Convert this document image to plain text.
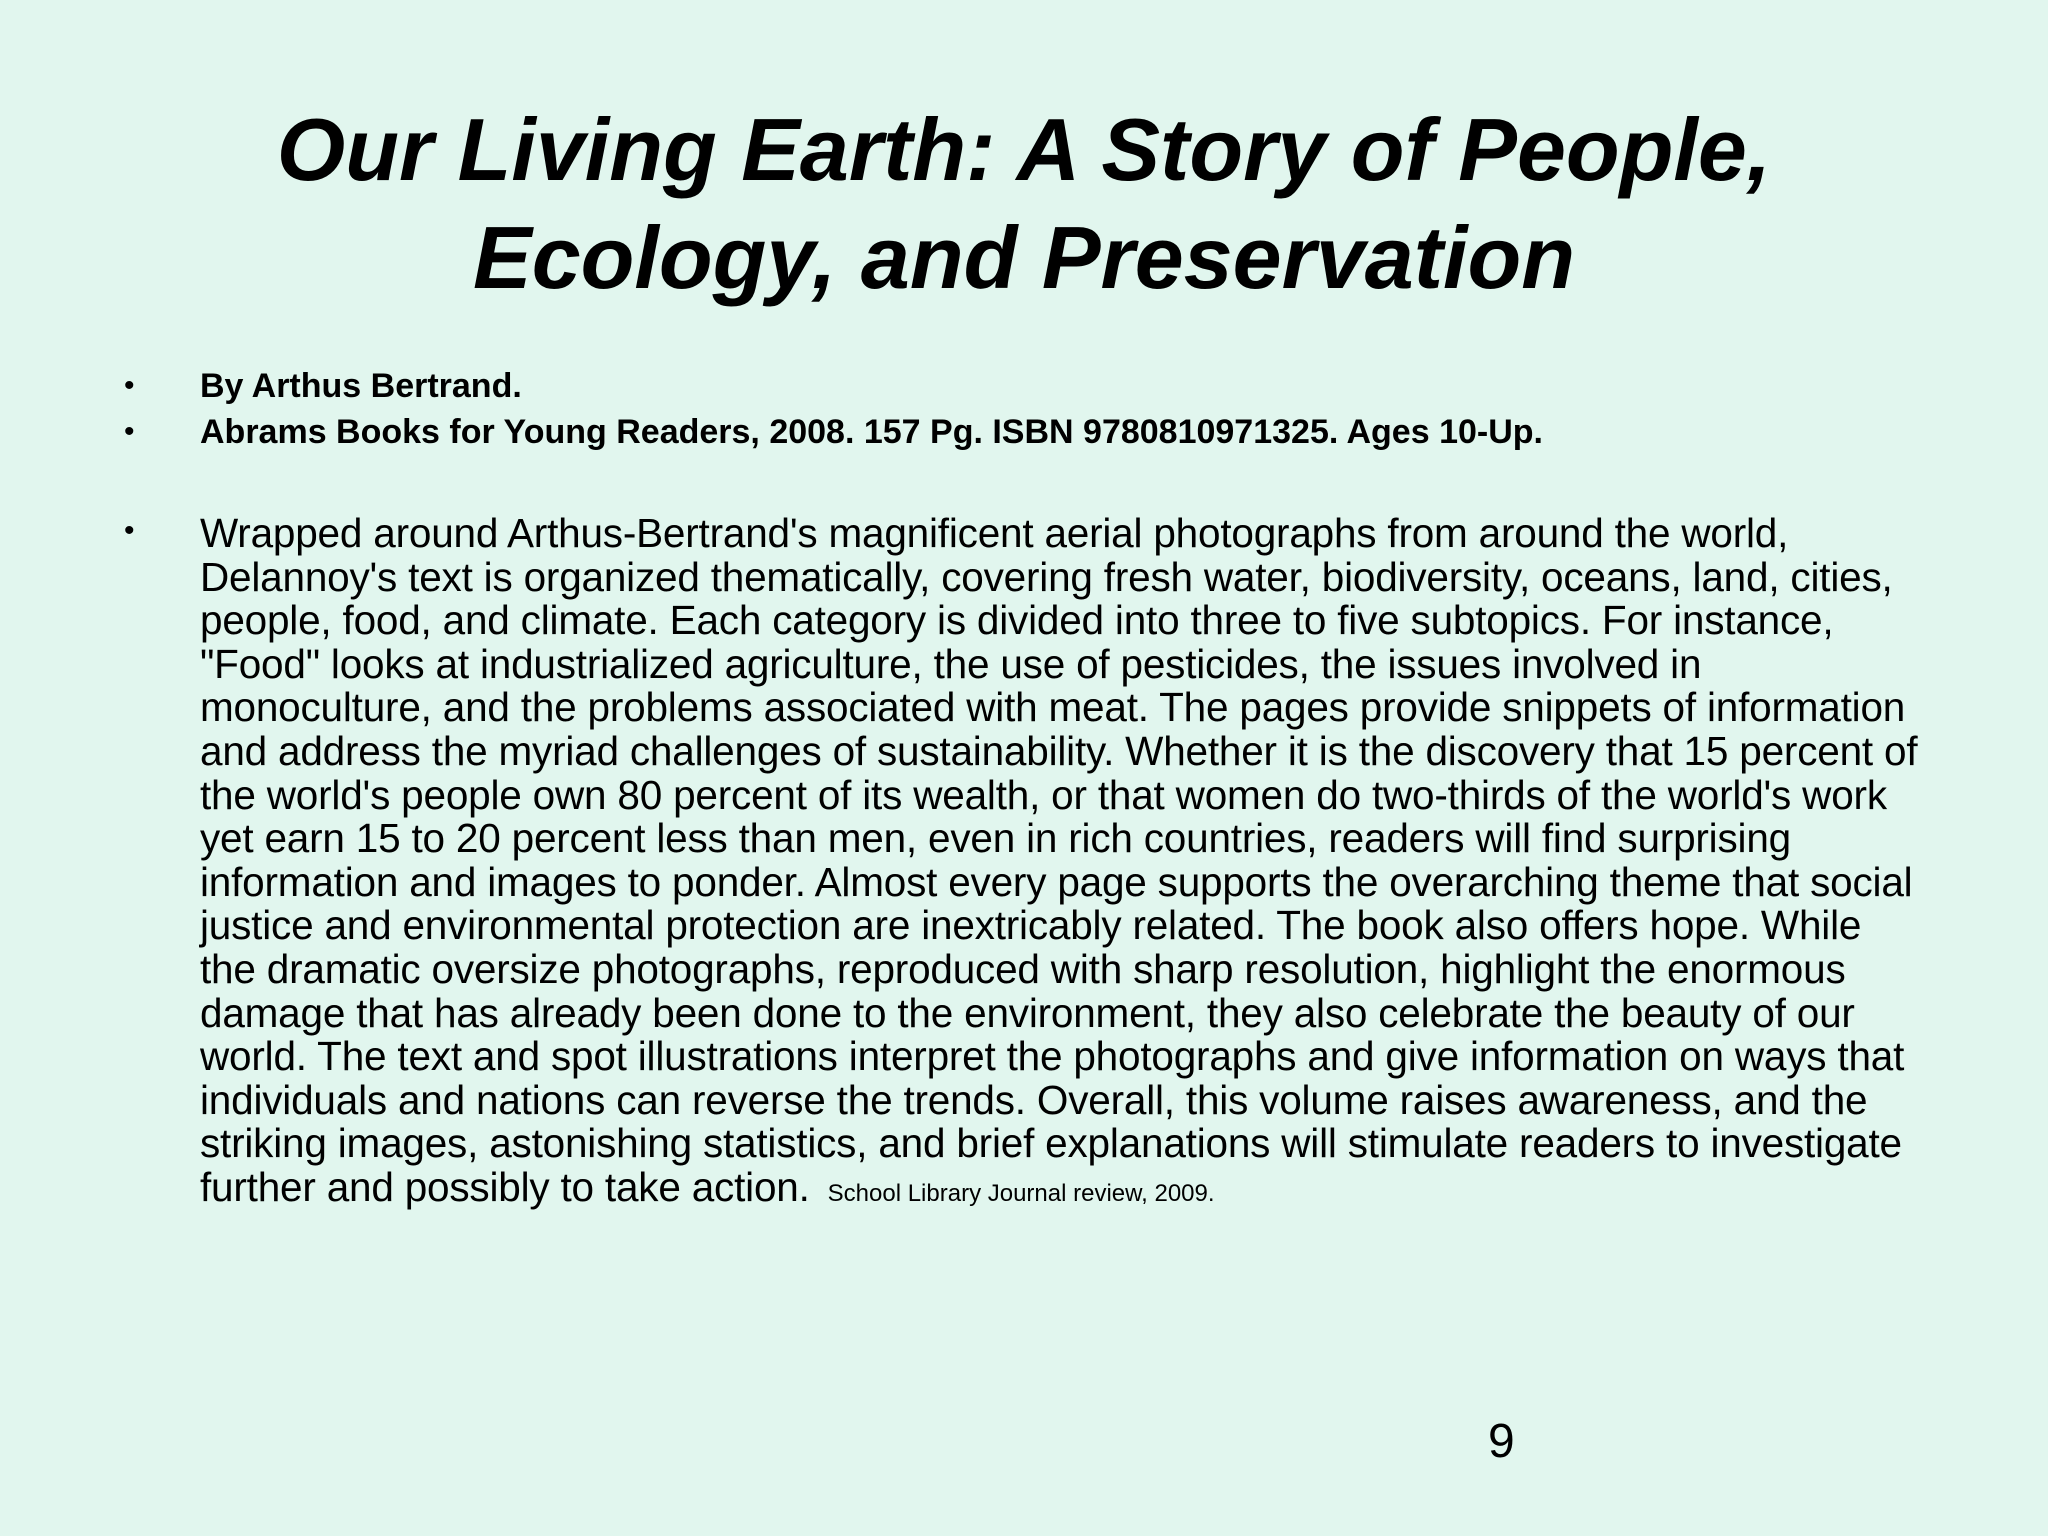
Our Living Earth: A Story of People,
Ecology, and Preservation
• By Arthus Bertrand.
• Abrams Books for Young Readers, 2008. 157 Pg. ISBN 9780810971325. Ages 10-Up.
• Wrapped around Arthus-Bertrand's magnificent aerial photographs from around the world, Delannoy's text is organized thematically, covering fresh water, biodiversity, oceans, land, cities, people, food, and climate. Each category is divided into three to five subtopics. For instance, "Food" looks at industrialized agriculture, the use of pesticides, the issues involved in monoculture, and the problems associated with meat. The pages provide snippets of information and address the myriad challenges of sustainability. Whether it is the discovery that 15 percent of the world's people own 80 percent of its wealth, or that women do two-thirds of the world's work yet earn 15 to 20 percent less than men, even in rich countries, readers will find surprising information and images to ponder. Almost every page supports the overarching theme that social justice and environmental protection are inextricably related. The book also offers hope. While the dramatic oversize photographs, reproduced with sharp resolution, highlight the enormous damage that has already been done to the environment, they also celebrate the beauty of our world. The text and spot illustrations interpret the photographs and give information on ways that individuals and nations can reverse the trends. Overall, this volume raises awareness, and the striking images, astonishing statistics, and brief explanations will stimulate readers to investigate further and possibly to take action. School Library Journal review, 2009.
9
